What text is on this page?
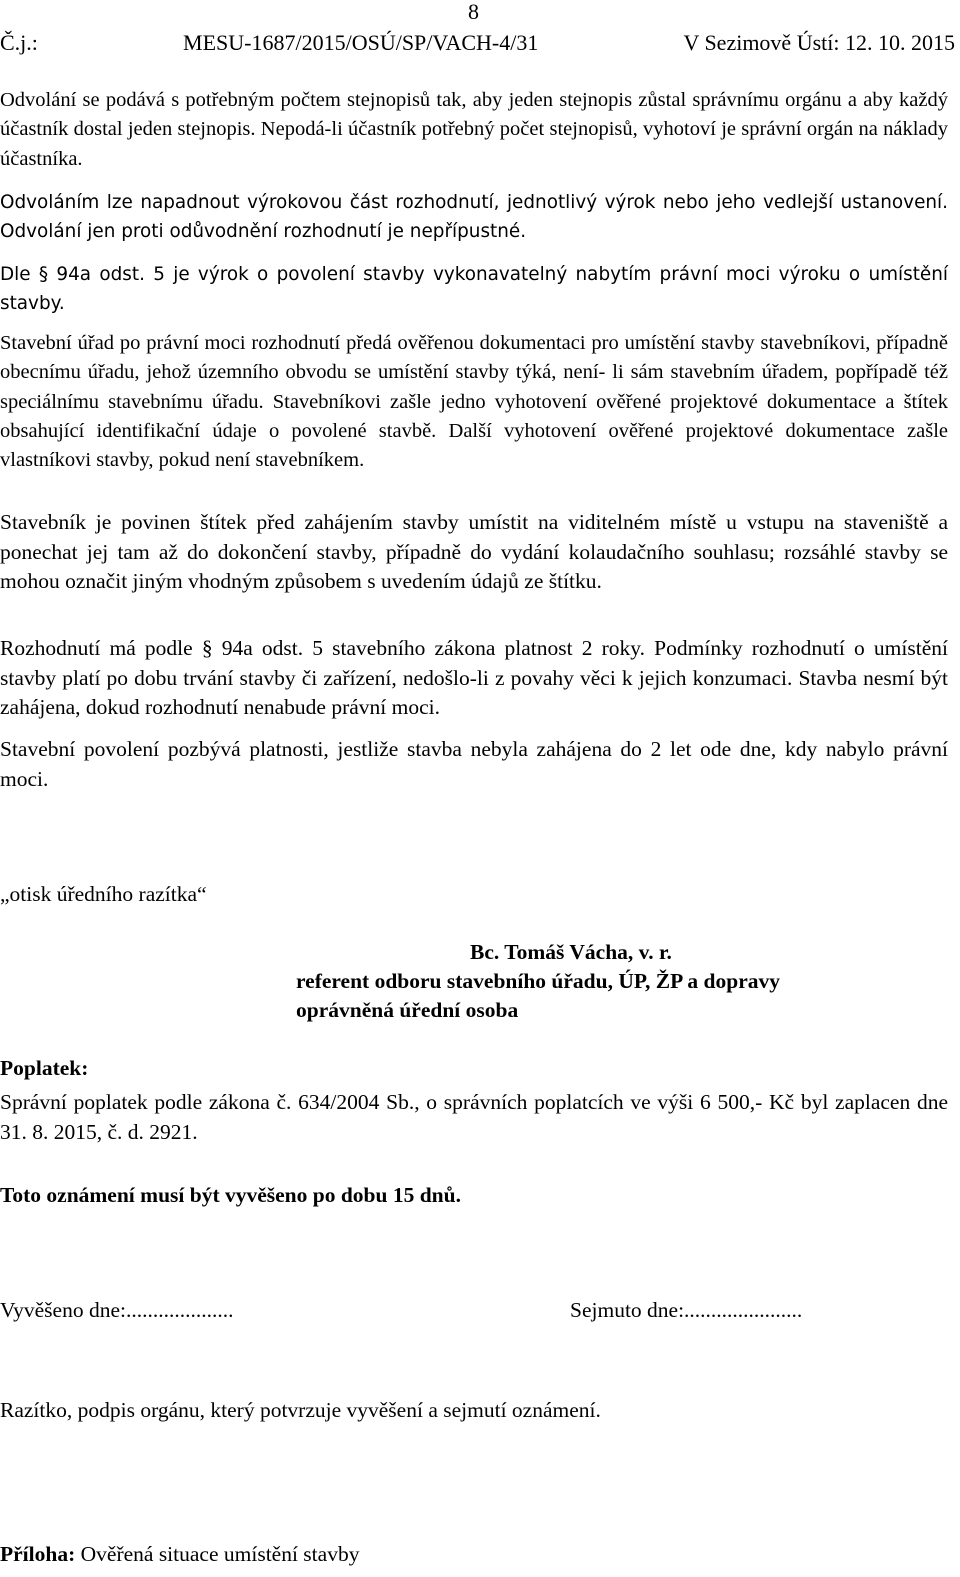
8
Č.j.:	MESU-1687/2015/OSÚ/SP/VACH-4/31	V Sezimově Ústí: 12. 10. 2015

Odvolání se podává s potřebným počtem stejnopisů tak, aby jeden stejnopis zůstal správnímu orgánu a aby každý účastník dostal jeden stejnopis. Nepodá-li účastník potřebný počet stejnopisů, vyhotoví je správní orgán na náklady účastníka.

Odvoláním lze napadnout výrokovou část rozhodnutí, jednotlivý výrok nebo jeho vedlejší ustanovení. Odvolání jen proti odůvodnění rozhodnutí je nepřípustné.

Dle § 94a odst. 5 je výrok o povolení stavby vykonavatelný nabytím právní moci výroku o umístění stavby.

Stavební úřad po právní moci rozhodnutí předá ověřenou dokumentaci pro umístění stavby stavebníkovi, případně obecnímu úřadu, jehož územního obvodu se umístění stavby týká, není- li sám stavebním úřadem, popřípadě též speciálnímu stavebnímu úřadu. Stavebníkovi zašle jedno vyhotovení ověřené projektové dokumentace a štítek obsahující identifikační údaje o povolené stavbě. Další vyhotovení ověřené projektové dokumentace zašle vlastníkovi stavby, pokud není stavebníkem.

Stavebník je povinen štítek před zahájením stavby umístit na viditelném místě u vstupu na staveniště a ponechat jej tam až do dokončení stavby, případně do vydání kolaudačního souhlasu; rozsáhlé stavby se mohou označit jiným vhodným způsobem s uvedením údajů ze štítku.

Rozhodnutí má podle § 94a odst. 5 stavebního zákona platnost 2 roky. Podmínky rozhodnutí o umístění stavby platí po dobu trvání stavby či zařízení, nedošlo-li z povahy věci k jejich konzumaci. Stavba nesmí být zahájena, dokud rozhodnutí nenabude právní moci.

Stavební povolení pozbývá platnosti, jestliže stavba nebyla zahájena do 2 let ode dne, kdy nabylo právní moci.

„otisk úředního razítka“
Bc. Tomáš Vácha, v. r.
referent odboru stavebního úřadu, ÚP, ŽP a dopravy
oprávněná úřední osoba
Poplatek:

Správní poplatek podle zákona č. 634/2004 Sb., o správních poplatcích ve výši 6 500,- Kč byl zaplacen dne 31. 8. 2015, č. d. 2921.

Toto oznámení musí být vyvěšeno po dobu 15 dnů.
Vyvěšeno dne:....................	Sejmuto dne:......................
Razítko, podpis orgánu, který potvrzuje vyvěšení a sejmutí oznámení.
Příloha: Ověřená situace umístění stavby
